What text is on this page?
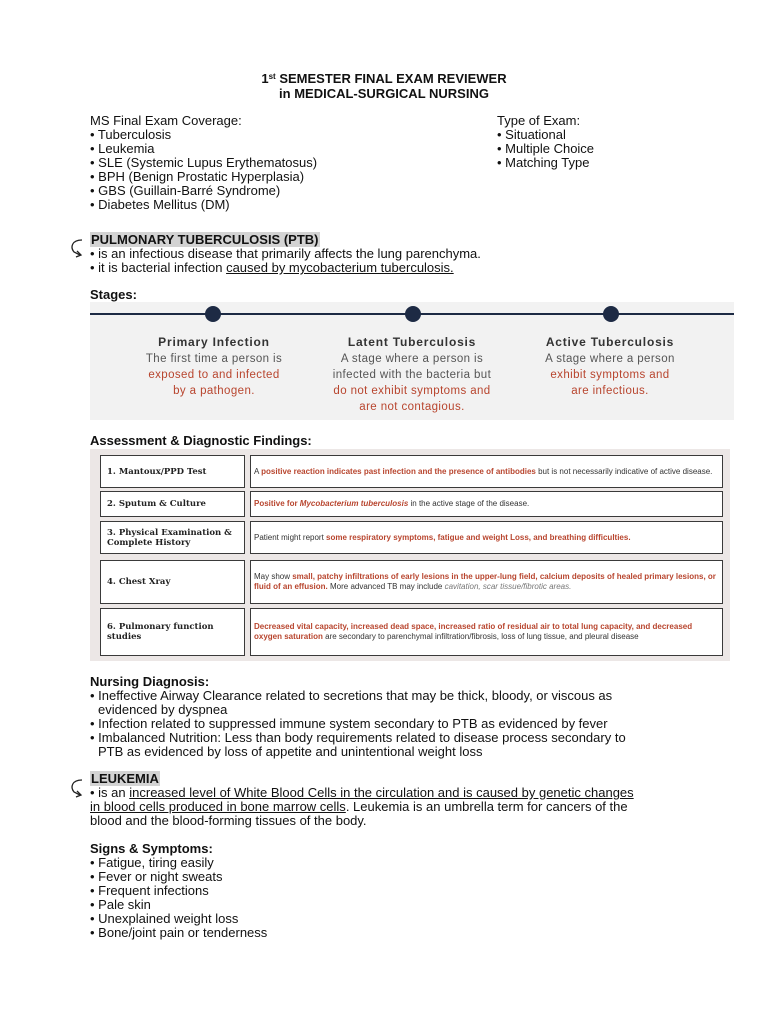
1st SEMESTER FINAL EXAM REVIEWER
in MEDICAL-SURGICAL NURSING
MS Final Exam Coverage:
• Tuberculosis
• Leukemia
• SLE (Systemic Lupus Erythematosus)
• BPH (Benign Prostatic Hyperplasia)
• GBS (Guillain-Barré Syndrome)
• Diabetes Mellitus (DM)
Type of Exam:
• Situational
• Multiple Choice
• Matching Type
PULMONARY TUBERCULOSIS (PTB)
• is an infectious disease that primarily affects the lung parenchyma.
• it is bacterial infection caused by mycobacterium tuberculosis.
Stages:
Primary Infection
The first time a person is
exposed to and infected
by a pathogen.
Latent Tuberculosis
A stage where a person is
infected with the bacteria but
do not exhibit symptoms and
are not contagious.
Active Tuberculosis
A stage where a person
exhibit symptoms and
are infectious.
Assessment & Diagnostic Findings:
1. Mantoux/PPD Test	A positive reaction indicates past infection and the presence of antibodies but is not necessarily indicative of active disease.
2. Sputum & Culture	Positive for Mycobacterium tuberculosis in the active stage of the disease.
3. Physical Examination & Complete History
Patient might report some respiratory symptoms, fatigue and weight Loss, and breathing difficulties.
4. Chest Xray
May show small, patchy infiltrations of early lesions in the upper-lung field, calcium deposits of healed primary lesions, or fluid of an effusion. More advanced TB may include cavitation, scar tissue/fibrotic areas.
6. Pulmonary function studies
Decreased vital capacity, increased dead space, increased ratio of residual air to total lung capacity, and decreased oxygen saturation are secondary to parenchymal infiltration/fibrosis, loss of lung tissue, and pleural disease
Nursing Diagnosis:
• Ineffective Airway Clearance related to secretions that may be thick, bloody, or viscous as
evidenced by dyspnea
• Infection related to suppressed immune system secondary to PTB as evidenced by fever
• Imbalanced Nutrition: Less than body requirements related to disease process secondary to
PTB as evidenced by loss of appetite and unintentional weight loss
LEUKEMIA
• is an increased level of White Blood Cells in the circulation and is caused by genetic changes
in blood cells produced in bone marrow cells. Leukemia is an umbrella term for cancers of the
blood and the blood-forming tissues of the body.
Signs & Symptoms:
• Fatigue, tiring easily
• Fever or night sweats
• Frequent infections
• Pale skin
• Unexplained weight loss
• Bone/joint pain or tenderness
